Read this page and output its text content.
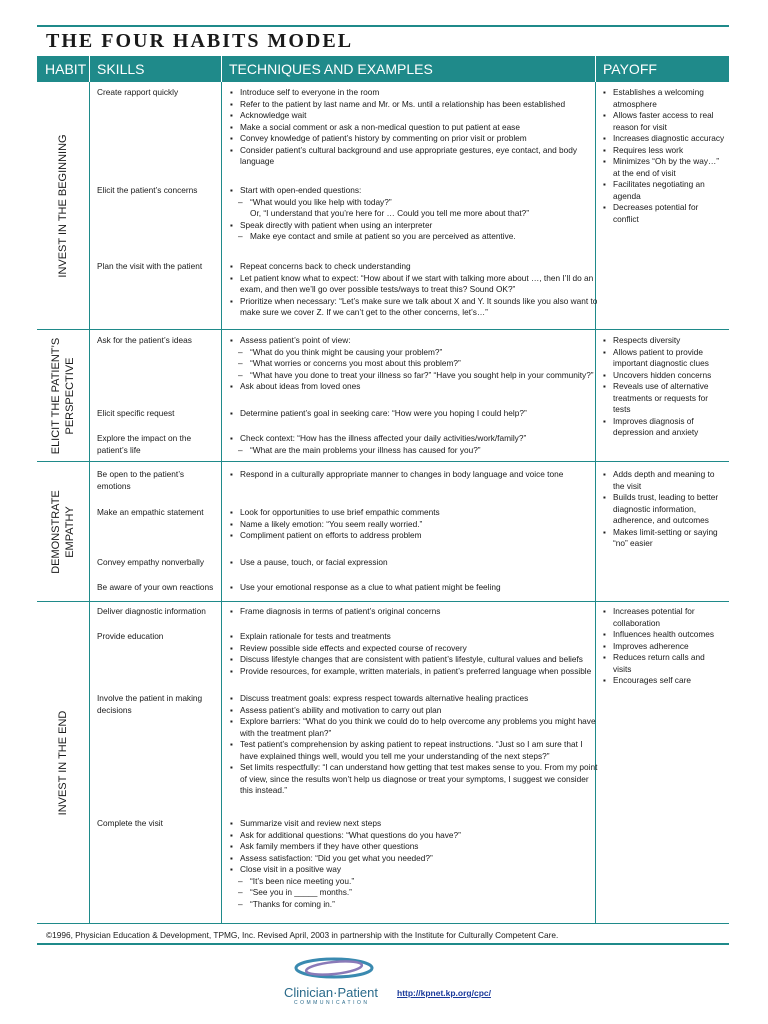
THE FOUR HABITS MODEL
HABIT SKILLS	TECHNIQUES AND EXAMPLES	PAYOFF
INVEST IN THE BEGINNING
Create rapport quickly
Elicit the patient’s concerns
Plan the visit with the patient
▪ Introduce self to everyone in the room
▪ Refer to the patient by last name and Mr. or Ms. until a relationship has been established
▪ Acknowledge wait
▪ Make a social comment or ask a non-medical question to put patient at ease
▪ Convey knowledge of patient’s history by commenting on prior visit or problem
▪ Consider patient’s cultural background and use appropriate gestures, eye contact, and body language
▪ Start with open-ended questions:
– “What would you like help with today?”
Or, “I understand that you’re here for … Could you tell me more about that?”
▪ Speak directly with patient when using an interpreter
– Make eye contact and smile at patient so you are perceived as attentive.
▪ Repeat concerns back to check understanding
▪ Let patient know what to expect: “How about if we start with talking more about …, then I’ll do an exam, and then we’ll go over possible tests/ways to treat this? Sound OK?”
▪ Prioritize when necessary: “Let’s make sure we talk about X and Y. It sounds like you also want to make sure we cover Z. If we can’t get to the other concerns, let’s…”
▪ Establishes a welcoming atmosphere
▪ Allows faster access to real reason for visit
▪ Increases diagnostic accuracy
▪ Requires less work
▪ Minimizes “Oh by the way…” at the end of visit
▪ Facilitates negotiating an agenda
▪ Decreases potential for conflict
ELICIT THE PATIENT’S PERSPECTIVE
Ask for the patient’s ideas
Elicit specific request
Explore the impact on the patient’s life
▪ Assess patient’s point of view:
– “What do you think might be causing your problem?”
– “What worries or concerns you most about this problem?”
– “What have you done to treat your illness so far?” “Have you sought help in your community?”
▪ Ask about ideas from loved ones
▪ Determine patient’s goal in seeking care: “How were you hoping I could help?”
▪ Check context: “How has the illness affected your daily activities/work/family?”
– “What are the main problems your illness has caused for you?”
▪ Respects diversity
▪ Allows patient to provide important diagnostic clues
▪ Uncovers hidden concerns
▪ Reveals use of alternative treatments or requests for tests
▪ Improves diagnosis of depression and anxiety
DEMONSTRATE EMPATHY
Be open to the patient’s emotions
Make an empathic statement
Convey empathy nonverbally
Be aware of your own reactions
▪ Respond in a culturally appropriate manner to changes in body language and voice tone
▪ Look for opportunities to use brief empathic comments
▪ Name a likely emotion: “You seem really worried.”
▪ Compliment patient on efforts to address problem
▪ Use a pause, touch, or facial expression
▪ Use your emotional response as a clue to what patient might be feeling
▪ Adds depth and meaning to the visit
▪ Builds trust, leading to better diagnostic information, adherence, and outcomes
▪ Makes limit-setting or saying “no” easier
INVEST IN THE END
Deliver diagnostic information
Provide education
Involve the patient in making decisions
Complete the visit
▪ Frame diagnosis in terms of patient’s original concerns
▪ Explain rationale for tests and treatments
▪ Review possible side effects and expected course of recovery
▪ Discuss lifestyle changes that are consistent with patient’s lifestyle, cultural values and beliefs
▪ Provide resources, for example, written materials, in patient’s preferred language when possible
▪ Discuss treatment goals: express respect towards alternative healing practices
▪ Assess patient’s ability and motivation to carry out plan
▪ Explore barriers: “What do you think we could do to help overcome any problems you might have with the treatment plan?”
▪ Test patient’s comprehension by asking patient to repeat instructions. “Just so I am sure that I have explained things well, would you tell me your understanding of the next steps?”
▪ Set limits respectfully: “I can understand how getting that test makes sense to you. From my point of view, since the results won’t help us diagnose or treat your symptoms, I suggest we consider this instead.”
▪ Summarize visit and review next steps
▪ Ask for additional questions: “What questions do you have?”
▪ Ask family members if they have other questions
▪ Assess satisfaction: “Did you get what you needed?”
▪ Close visit in a positive way
– “It’s been nice meeting you.”
– “See you in _____ months.”
– “Thanks for coming in.”
▪ Increases potential for collaboration
▪ Influences health outcomes
▪ Improves adherence
▪ Reduces return calls and visits
▪ Encourages self care
©1996, Physician Education & Development, TPMG, Inc. Revised April, 2003 in partnership with the Institute for Culturally Competent Care.
Clinician·Patient
COMMUNICATION
http://kpnet.kp.org/cpc/
